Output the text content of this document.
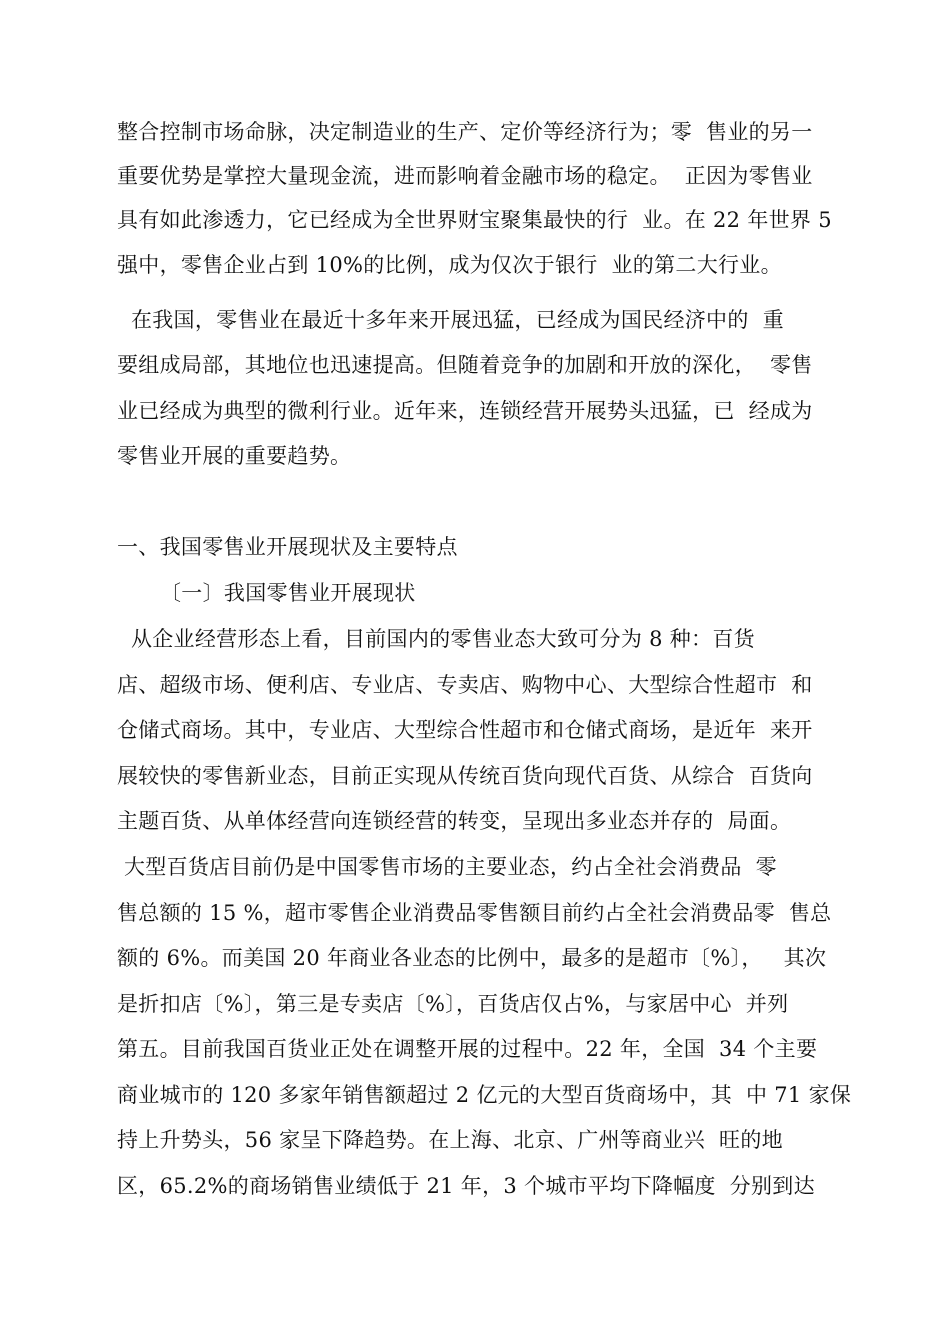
整合控制市场命脉，决定制造业的生产、定价等经济行为；零  售业的另一
重要优势是掌控大量现金流，进而影响着金融市场的稳定。  正因为零售业
具有如此渗透力，它已经成为全世界财宝聚集最快的行  业。在 22 年世界 5
强中，零售企业占到 10%的比例，成为仅次于银行  业的第二大行业。
在我国，零售业在最近十多年来开展迅猛，已经成为国民经济中的  重
要组成局部，其地位也迅速提高。但随着竞争的加剧和开放的深化，  零售
业已经成为典型的微利行业。近年来，连锁经营开展势头迅猛，已  经成为
零售业开展的重要趋势。
一、我国零售业开展现状及主要特点
〔一〕我国零售业开展现状
从企业经营形态上看，目前国内的零售业态大致可分为 8 种：百货
店、超级市场、便利店、专业店、专卖店、购物中心、大型综合性超市  和
仓储式商场。其中，专业店、大型综合性超市和仓储式商场，是近年  来开
展较快的零售新业态，目前正实现从传统百货向现代百货、从综合  百货向
主题百货、从单体经营向连锁经营的转变，呈现出多业态并存的  局面。
大型百货店目前仍是中国零售市场的主要业态，约占全社会消费品  零
售总额的 15 %，超市零售企业消费品零售额目前约占全社会消费品零  售总
额的 6%。而美国 20 年商业各业态的比例中，最多的是超市〔%〕，   其次
是折扣店〔%〕，第三是专卖店〔%〕，百货店仅占%，与家居中心  并列
第五。目前我国百货业正处在调整开展的过程中。22 年，全国  34 个主要
商业城市的 120 多家年销售额超过 2 亿元的大型百货商场中，其  中 71 家保
持上升势头，56 家呈下降趋势。在上海、北京、广州等商业兴  旺的地
区，65.2%的商场销售业绩低于 21 年，3 个城市平均下降幅度  分别到达
